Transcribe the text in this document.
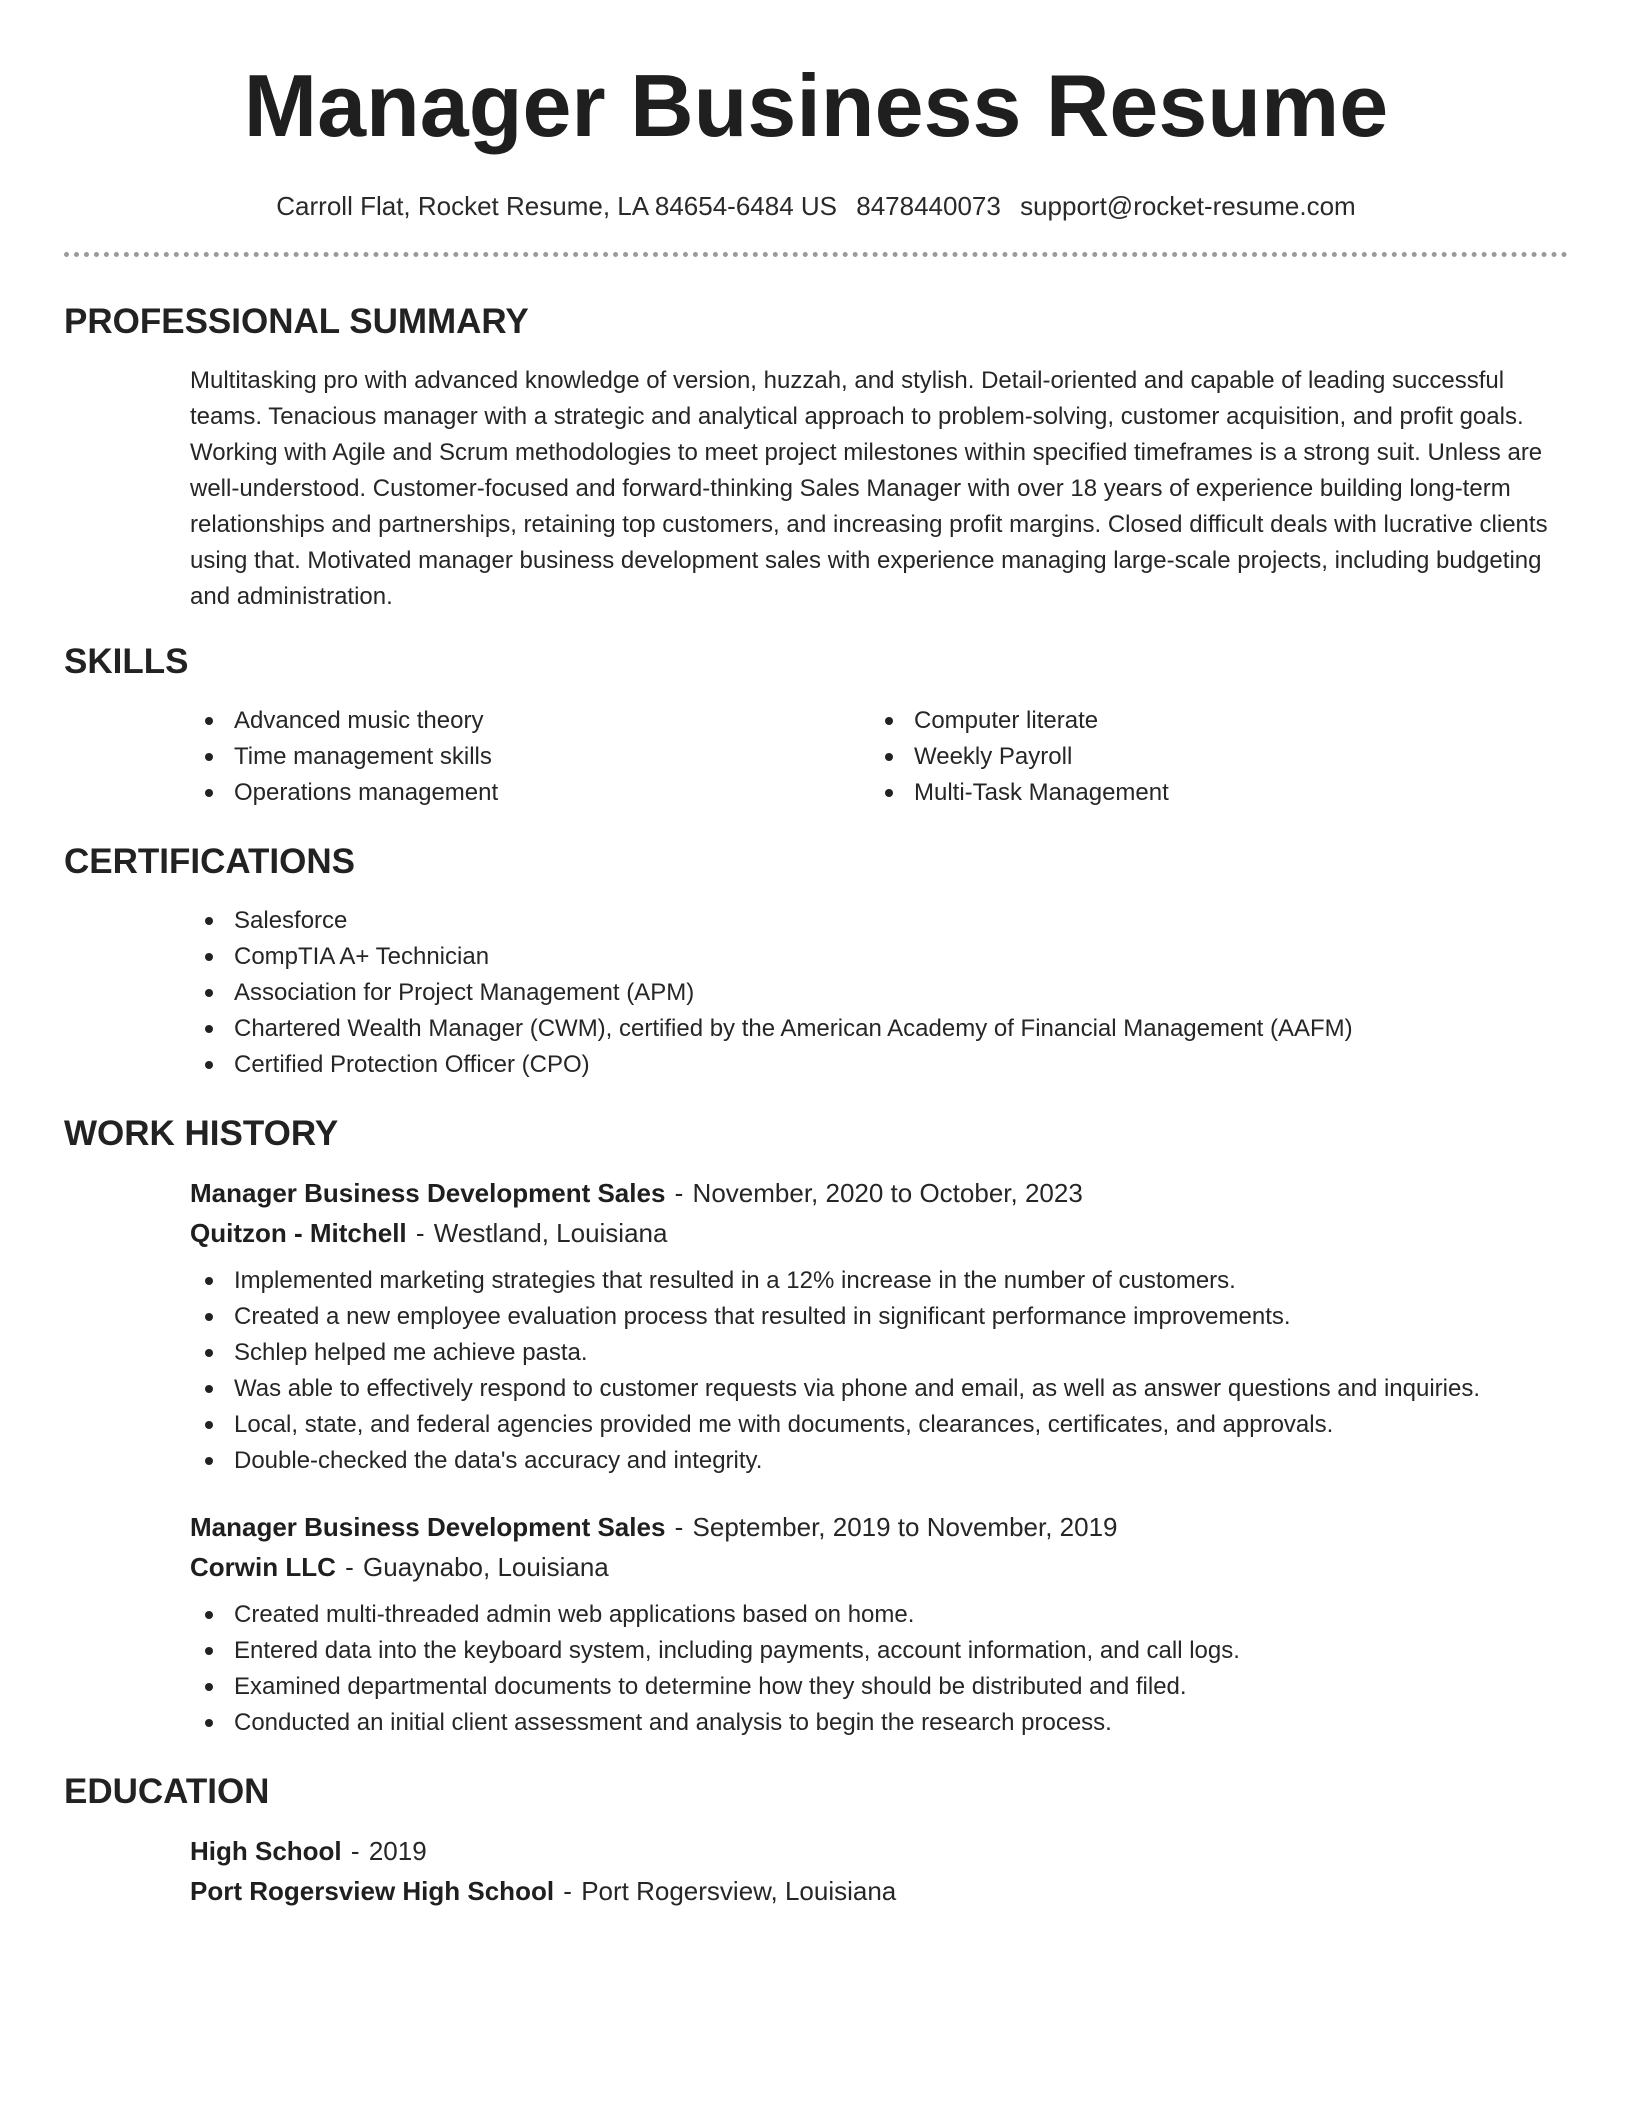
Manager Business Resume
Carroll Flat, Rocket Resume, LA 84654-6484 US 8478440073 support@rocket-resume.com
PROFESSIONAL SUMMARY

Multitasking pro with advanced knowledge of version, huzzah, and stylish. Detail-oriented and capable of leading successful teams. Tenacious manager with a strategic and analytical approach to problem-solving, customer acquisition, and profit goals. Working with Agile and Scrum methodologies to meet project milestones within specified timeframes is a strong suit. Unless are well-understood. Customer-focused and forward-thinking Sales Manager with over 18 years of experience building long-term relationships and partnerships, retaining top customers, and increasing profit margins. Closed difficult deals with lucrative clients using that. Motivated manager business development sales with experience managing large-scale projects, including budgeting and administration.

SKILLS
Advanced music theory
Time management skills
Operations management
Computer literate
Weekly Payroll
Multi-Task Management
CERTIFICATIONS
Salesforce
CompTIA A+ Technician
Association for Project Management (APM)
Chartered Wealth Manager (CWM), certified by the American Academy of Financial Management (AAFM)
Certified Protection Officer (CPO)
WORK HISTORY
Manager Business Development Sales - November, 2020 to October, 2023
Quitzon - Mitchell - Westland, Louisiana
Implemented marketing strategies that resulted in a 12% increase in the number of customers.
Created a new employee evaluation process that resulted in significant performance improvements.
Schlep helped me achieve pasta.
Was able to effectively respond to customer requests via phone and email, as well as answer questions and inquiries.
Local, state, and federal agencies provided me with documents, clearances, certificates, and approvals.
Double-checked the data's accuracy and integrity.
Manager Business Development Sales - September, 2019 to November, 2019
Corwin LLC - Guaynabo, Louisiana
Created multi-threaded admin web applications based on home.
Entered data into the keyboard system, including payments, account information, and call logs.
Examined departmental documents to determine how they should be distributed and filed.
Conducted an initial client assessment and analysis to begin the research process.
EDUCATION
High School - 2019
Port Rogersview High School - Port Rogersview, Louisiana
